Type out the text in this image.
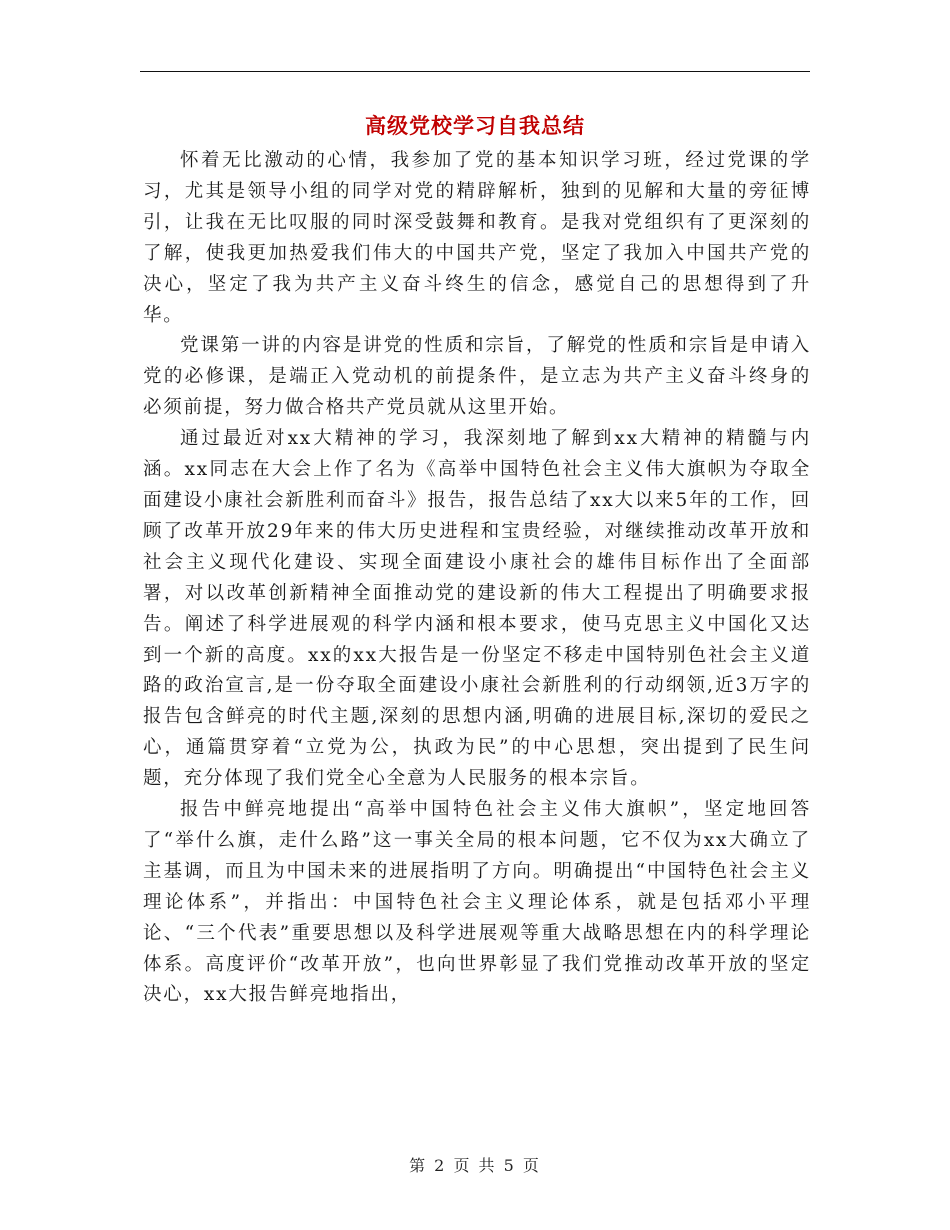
高级党校学习自我总结

怀着无比激动的心情，我参加了党的基本知识学习班，经过党课的学习，尤其是领导小组的同学对党的精辟解析，独到的见解和大量的旁征博引，让我在无比叹服的同时深受鼓舞和教育。是我对党组织有了更深刻的了解，使我更加热爱我们伟大的中国共产党，坚定了我加入中国共产党的决心，坚定了我为共产主义奋斗终生的信念，感觉自己的思想得到了升华。

党课第一讲的内容是讲党的性质和宗旨，了解党的性质和宗旨是申请入党的必修课，是端正入党动机的前提条件，是立志为共产主义奋斗终身的必须前提，努力做合格共产党员就从这里开始。

通过最近对xx大精神的学习，我深刻地了解到xx大精神的精髓与内涵。xx同志在大会上作了名为《高举中国特色社会主义伟大旗帜为夺取全面建设小康社会新胜利而奋斗》报告，报告总结了xx大以来5年的工作，回顾了改革开放29年来的伟大历史进程和宝贵经验，对继续推动改革开放和社会主义现代化建设、实现全面建设小康社会的雄伟目标作出了全面部署，对以改革创新精神全面推动党的建设新的伟大工程提出了明确要求报告。阐述了科学进展观的科学内涵和根本要求，使马克思主义中国化又达到一个新的高度。xx的xx大报告是一份坚定不移走中国特别色社会主义道路的政治宣言,是一份夺取全面建设小康社会新胜利的行动纲领,近3万字的报告包含鲜亮的时代主题,深刻的思想内涵,明确的进展目标,深切的爱民之心，通篇贯穿着“立党为公，执政为民”的中心思想，突出提到了民生问题，充分体现了我们党全心全意为人民服务的根本宗旨。

报告中鲜亮地提出“高举中国特色社会主义伟大旗帜”，坚定地回答了“举什么旗，走什么路”这一事关全局的根本问题，它不仅为xx大确立了主基调，而且为中国未来的进展指明了方向。明确提出“中国特色社会主义理论体系”，并指出：中国特色社会主义理论体系，就是包括邓小平理论、“三个代表”重要思想以及科学进展观等重大战略思想在内的科学理论体系。高度评价“改革开放”，也向世界彰显了我们党推动改革开放的坚定决心，xx大报告鲜亮地指出，

第 2 页 共 5 页
